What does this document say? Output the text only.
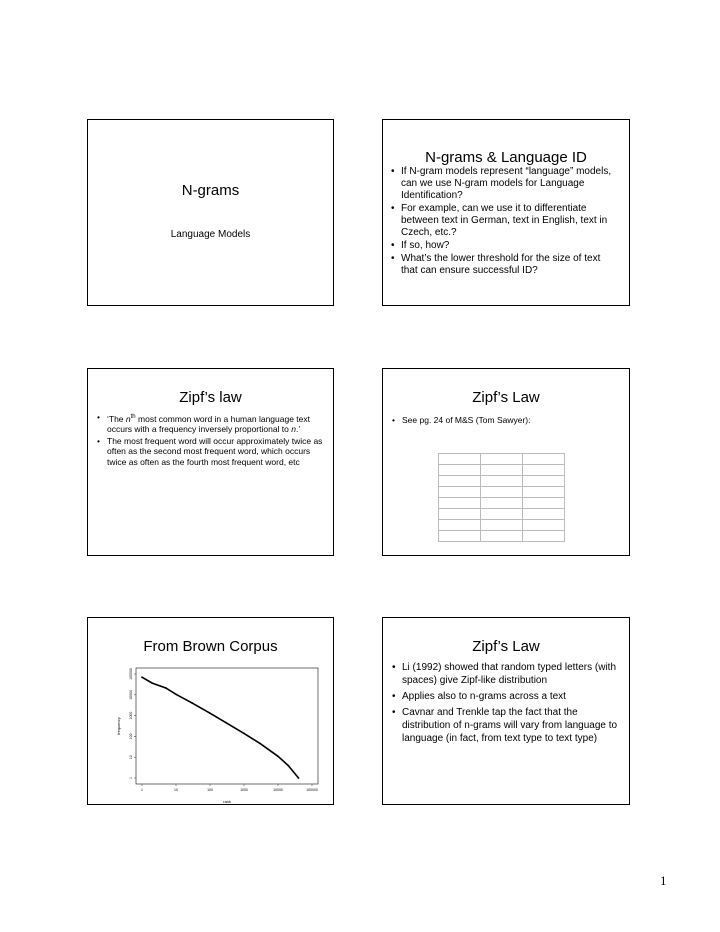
N-grams
Language Models
N-grams & Language ID
• If N-gram models represent “language” models, can we use N-gram models for Language Identification?
• For example, can we use it to differentiate between text in German, text in English, text in Czech, etc.?
• If so, how?
• What’s the lower threshold for the size of text that can ensure successful ID?
Zipf’s law
• ‘The $n^{th}$ most common word in a human language text occurs with a frequency inversely proportional to n.’
• The most frequent word will occur approximately twice as often as the second most frequent word, which occurs twice as often as the fourth most frequent word, etc
Zipf’s Law
• See pg. 24 of M&S (Tom Sawyer):

From Brown Corpus
1	10	100	1000	10000	100000
1
10
100
1000
10000
100000
rank
frequency
Zipf’s Law
• Li (1992) showed that random typed letters (with spaces) give Zipf-like distribution
• Applies also to n-grams across a text
• Cavnar and Trenkle tap the fact that the distribution of n-grams will vary from language to language (in fact, from text type to text type)
1
